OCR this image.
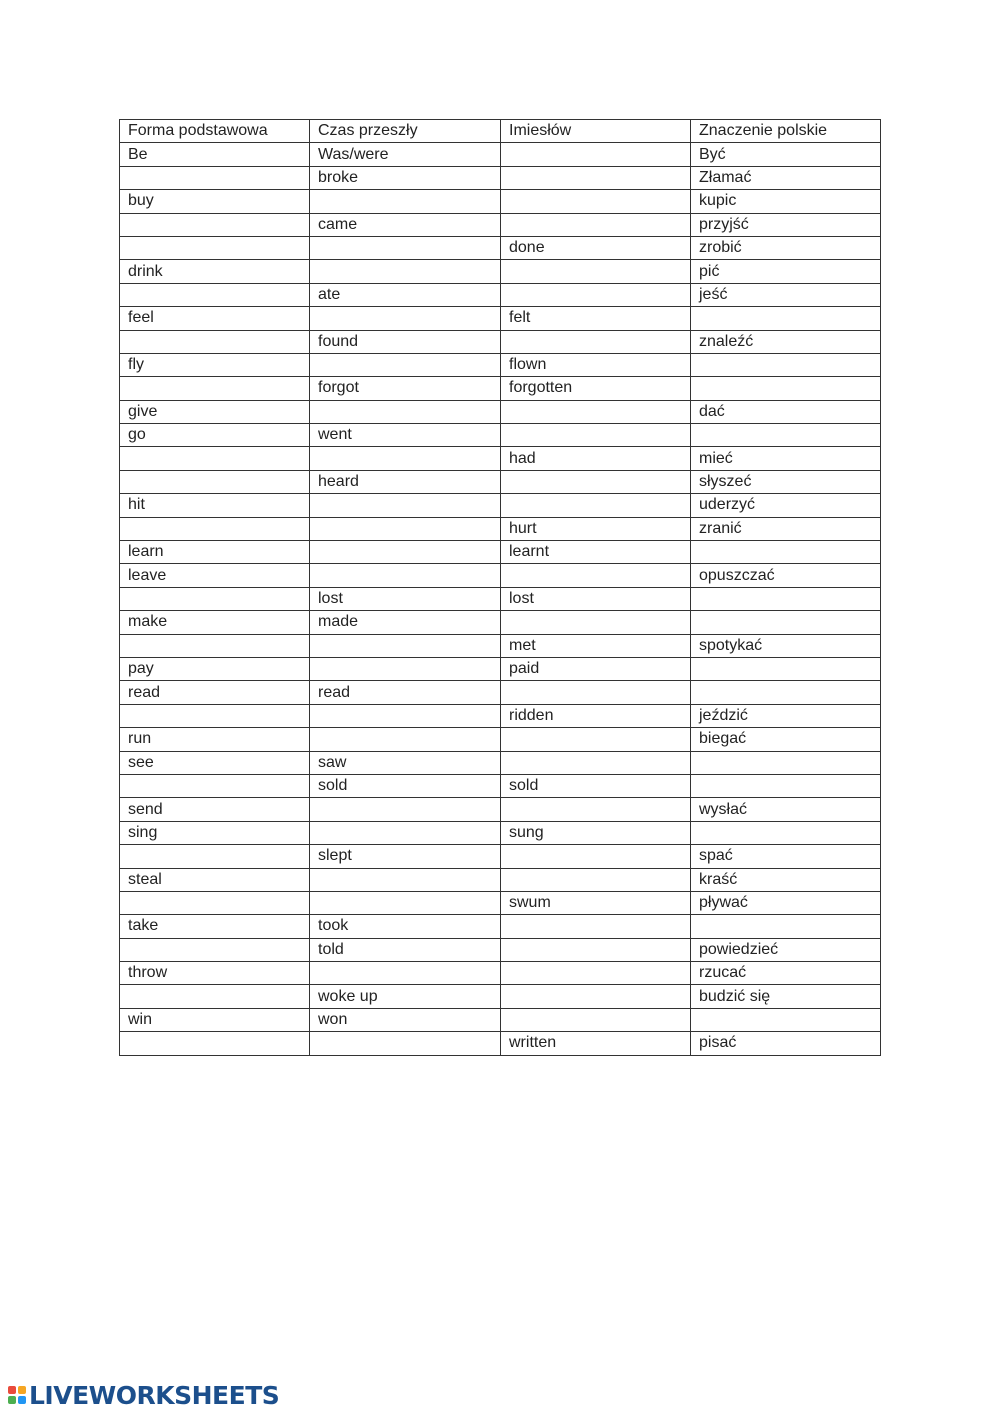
Forma podstawowa	Czas przeszły	Imiesłów	Znaczenie polskie
Be	Was/were		Być
	broke		Złamać
buy			kupic
	came		przyjść
		done	zrobić
drink			pić
	ate		jeść
feel		felt	
	found		znaleźć
fly		flown	
	forgot	forgotten	
give			dać
go	went		
		had	mieć
	heard		słyszeć
hit			uderzyć
		hurt	zranić
learn		learnt	
leave			opuszczać
	lost	lost	
make	made		
		met	spotykać
pay		paid	
read	read		
		ridden	jeździć
run			biegać
see	saw		
	sold	sold	
send			wysłać
sing		sung	
	slept		spać
steal			kraść
		swum	pływać
take	took		
	told		powiedzieć
throw			rzucać
	woke up		budzić się
win	won		
		written	pisać
LIVEWORKSHEETS
